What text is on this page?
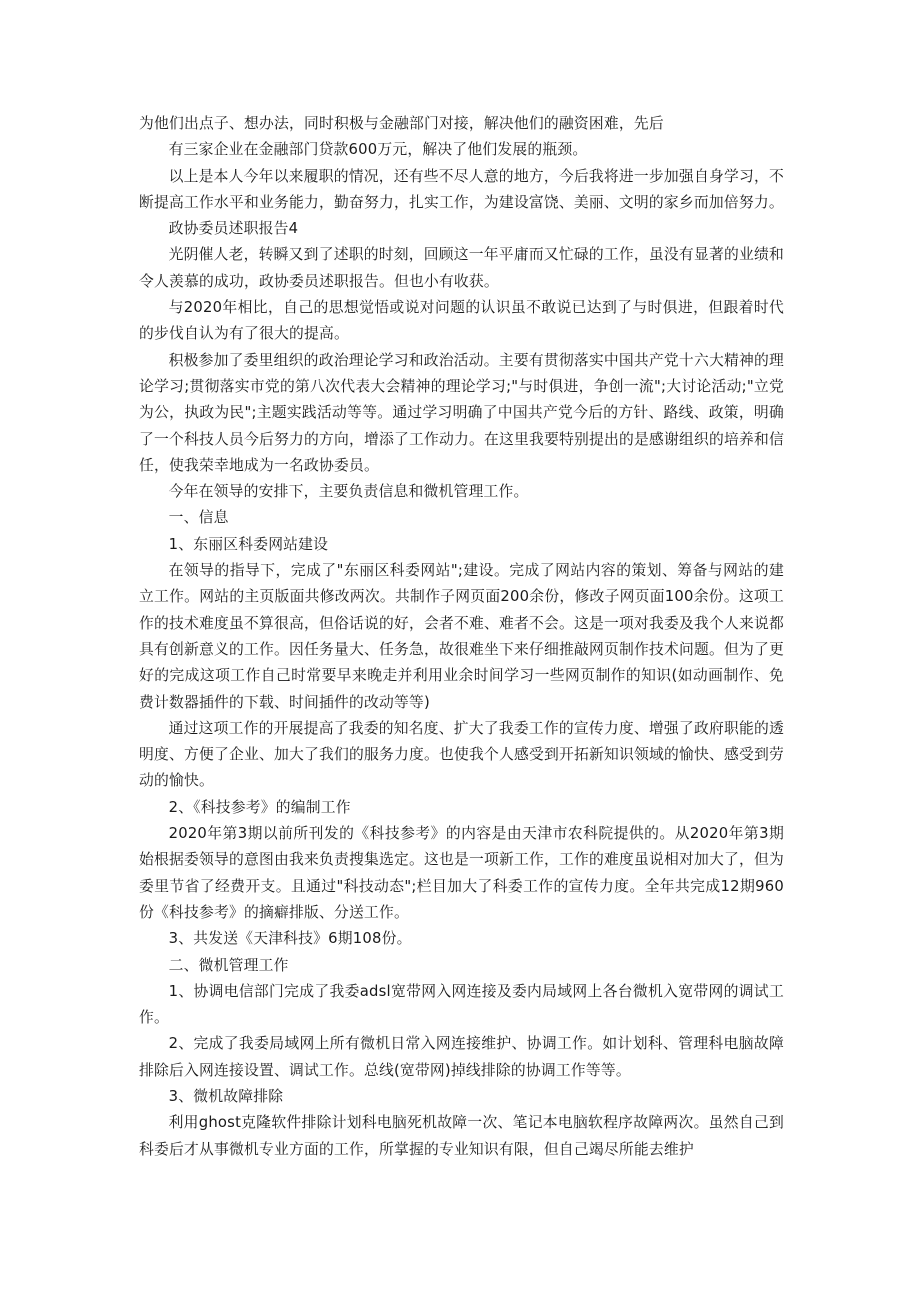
为他们出点子、想办法，同时积极与金融部门对接，解决他们的融资困难，先后

有三家企业在金融部门贷款600万元，解决了他们发展的瓶颈。

以上是本人今年以来履职的情况，还有些不尽人意的地方，今后我将进一步加强自身学习，不断提高工作水平和业务能力，勤奋努力，扎实工作，为建设富饶、美丽、文明的家乡而加倍努力。

政协委员述职报告4

光阴催人老，转瞬又到了述职的时刻，回顾这一年平庸而又忙碌的工作，虽没有显著的业绩和令人羡慕的成功，政协委员述职报告。但也小有收获。

与2020年相比，自己的思想觉悟或说对问题的认识虽不敢说已达到了与时俱进，但跟着时代的步伐自认为有了很大的提高。

积极参加了委里组织的政治理论学习和政治活动。主要有贯彻落实中国共产党十六大精神的理论学习;贯彻落实市党的第八次代表大会精神的理论学习;"与时俱进，争创一流";大讨论活动;"立党为公，执政为民";主题实践活动等等。通过学习明确了中国共产党今后的方针、路线、政策，明确了一个科技人员今后努力的方向，增添了工作动力。在这里我要特别提出的是感谢组织的培养和信任，使我荣幸地成为一名政协委员。

今年在领导的安排下，主要负责信息和微机管理工作。

一、信息

1、东丽区科委网站建设

在领导的指导下，完成了"东丽区科委网站";建设。完成了网站内容的策划、筹备与网站的建立工作。网站的主页版面共修改两次。共制作子网页面200余份，修改子网页面100余份。这项工作的技术难度虽不算很高，但俗话说的好，会者不难、难者不会。这是一项对我委及我个人来说都具有创新意义的工作。因任务量大、任务急，故很难坐下来仔细推敲网页制作技术问题。但为了更好的完成这项工作自己时常要早来晚走并利用业余时间学习一些网页制作的知识(如动画制作、免费计数器插件的下载、时间插件的改动等等)

通过这项工作的开展提高了我委的知名度、扩大了我委工作的宣传力度、增强了政府职能的透明度、方便了企业、加大了我们的服务力度。也使我个人感受到开拓新知识领域的愉快、感受到劳动的愉快。

2、《科技参考》的编制工作

2020年第3期以前所刊发的《科技参考》的内容是由天津市农科院提供的。从2020年第3期始根据委领导的意图由我来负责搜集选定。这也是一项新工作，工作的难度虽说相对加大了，但为委里节省了经费开支。且通过"科技动态";栏目加大了科委工作的宣传力度。全年共完成12期960份《科技参考》的摘癖排版、分送工作。

3、共发送《天津科技》6期108份。

二、微机管理工作

1、协调电信部门完成了我委adsl宽带网入网连接及委内局域网上各台微机入宽带网的调试工作。

2、完成了我委局域网上所有微机日常入网连接维护、协调工作。如计划科、管理科电脑故障排除后入网连接设置、调试工作。总线(宽带网)掉线排除的协调工作等等。

3、微机故障排除

利用ghost克隆软件排除计划科电脑死机故障一次、笔记本电脑软程序故障两次。虽然自己到科委后才从事微机专业方面的工作，所掌握的专业知识有限，但自己竭尽所能去维护
